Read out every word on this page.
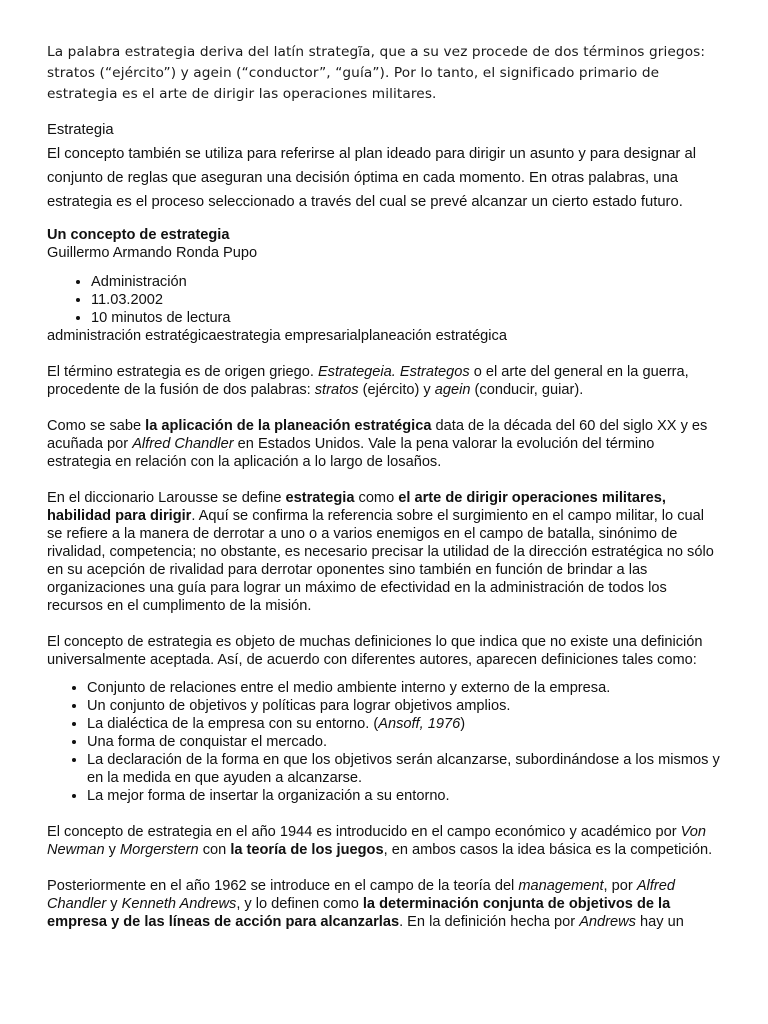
La palabra estrategia deriva del latín strategĩa, que a su vez procede de dos términos griegos: stratos (“ejército”) y agein (“conductor”, “guía”). Por lo tanto, el significado primario de estrategia es el arte de dirigir las operaciones militares.

Estrategia
El concepto también se utiliza para referirse al plan ideado para dirigir un asunto y para designar al conjunto de reglas que aseguran una decisión óptima en cada momento. En otras palabras, una estrategia es el proceso seleccionado a través del cual se prevé alcanzar un cierto estado futuro.
Un concepto de estrategia
Guillermo Armando Ronda Pupo
• Administración
• 11.03.2002
• 10 minutos de lectura
administración estratégicaestrategia empresarialplaneación estratégica

El término estrategia es de origen griego. Estrategeia. Estrategos o el arte del general en la guerra, procedente de la fusión de dos palabras: stratos (ejército) y agein (conducir, guiar).

Como se sabe la aplicación de la planeación estratégica data de la década del 60 del siglo XX y es acuñada por Alfred Chandler en Estados Unidos. Vale la pena valorar la evolución del término estrategia en relación con la aplicación a lo largo de losaños.

En el diccionario Larousse se define estrategia como el arte de dirigir operaciones militares, habilidad para dirigir. Aquí se confirma la referencia sobre el surgimiento en el campo militar, lo cual se refiere a la manera de derrotar a uno o a varios enemigos en el campo de batalla, sinónimo de rivalidad, competencia; no obstante, es necesario precisar la utilidad de la dirección estratégica no sólo en su acepción de rivalidad para derrotar oponentes sino también en función de brindar a las organizaciones una guía para lograr un máximo de efectividad en la administración de todos los recursos en el cumplimento de la misión.

El concepto de estrategia es objeto de muchas definiciones lo que indica que no existe una definición universalmente aceptada. Así, de acuerdo con diferentes autores, aparecen definiciones tales como:

• Conjunto de relaciones entre el medio ambiente interno y externo de la empresa.
• Un conjunto de objetivos y políticas para lograr objetivos amplios.
• La dialéctica de la empresa con su entorno. (Ansoff, 1976)
• Una forma de conquistar el mercado.
• La declaración de la forma en que los objetivos serán alcanzarse, subordinándose a los mismos y en la medida en que ayuden a alcanzarse.
• La mejor forma de insertar la organización a su entorno.

El concepto de estrategia en el año 1944 es introducido en el campo económico y académico por Von Newman y Morgerstern con la teoría de los juegos, en ambos casos la idea básica es la competición.

Posteriormente en el año 1962 se introduce en el campo de la teoría del management, por Alfred Chandler y Kenneth Andrews, y lo definen como la determinación conjunta de objetivos de la empresa y de las líneas de acción para alcanzarlas. En la definición hecha por Andrews hay un
